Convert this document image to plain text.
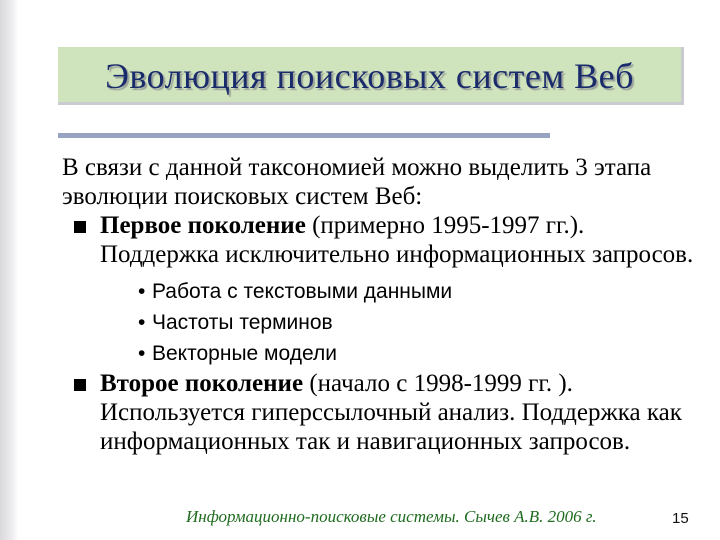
Эволюция поисковых систем Веб

В связи с данной таксономией можно выделить 3 этапа эволюции поисковых систем Веб:

Первое поколение (примерно 1995-1997 гг.). Поддержка исключительно информационных запросов.
• Работа с текстовыми данными
• Частоты терминов
• Векторные модели
Второе поколение (начало с 1998-1999 гг. ). Используется гиперссылочный анализ. Поддержка как информационных так и навигационных запросов.
Информационно-поисковые системы. Сычев А.В. 2006 г.	15
